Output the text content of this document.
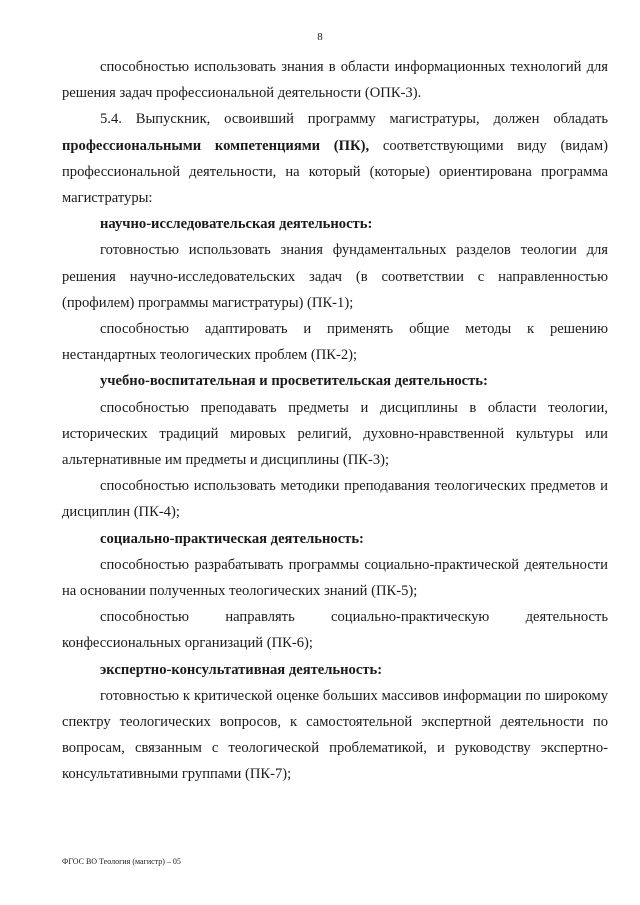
8

способностью использовать знания в области информационных технологий для решения задач профессиональной деятельности (ОПК-3).

5.4. Выпускник, освоивший программу магистратуры, должен обладать профессиональными компетенциями (ПК), соответствующими виду (видам) профессиональной деятельности, на который (которые) ориентирована программа магистратуры:

научно-исследовательская деятельность:

готовностью использовать знания фундаментальных разделов теологии для решения научно-исследовательских задач (в соответствии с направленностью (профилем) программы магистратуры) (ПК-1);

способностью адаптировать и применять общие методы к решению нестандартных теологических проблем (ПК-2);

учебно-воспитательная и просветительская деятельность:

способностью преподавать предметы и дисциплины в области теологии, исторических традиций мировых религий, духовно-нравственной культуры или альтернативные им предметы и дисциплины (ПК-3);

способностью использовать методики преподавания теологических предметов и дисциплин (ПК-4);

социально-практическая деятельность:

способностью разрабатывать программы социально-практической деятельности на основании полученных теологических знаний (ПК-5);

способностью направлять социально-практическую деятельность конфессиональных организаций (ПК-6);

экспертно-консультативная деятельность:

готовностью к критической оценке больших массивов информации по широкому спектру теологических вопросов, к самостоятельной экспертной деятельности по вопросам, связанным с теологической проблематикой, и руководству экспертно-консультативными группами (ПК-7);

ФГОС ВО Теология (магистр) – 05
